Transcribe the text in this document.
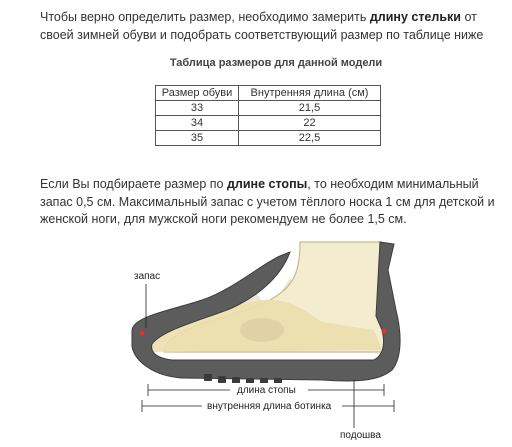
Чтобы верно определить размер, необходимо замерить длину стельки от своей зимней обуви и подобрать соответствующий размер по таблице ниже

Таблица размеров для данной модели
Размер обуви	Внутренняя длина (см)
33	21,5
34	22
35	22,5

Если Вы подбираете размер по длине стопы, то необходим минимальный запас 0,5 см. Максимальный запас с учетом тёплого носка 1 см для детской и женской ноги, для мужской ноги рекомендуем не более 1,5 см.

запас
длина стопы
внутренняя длина ботинка
подошва
